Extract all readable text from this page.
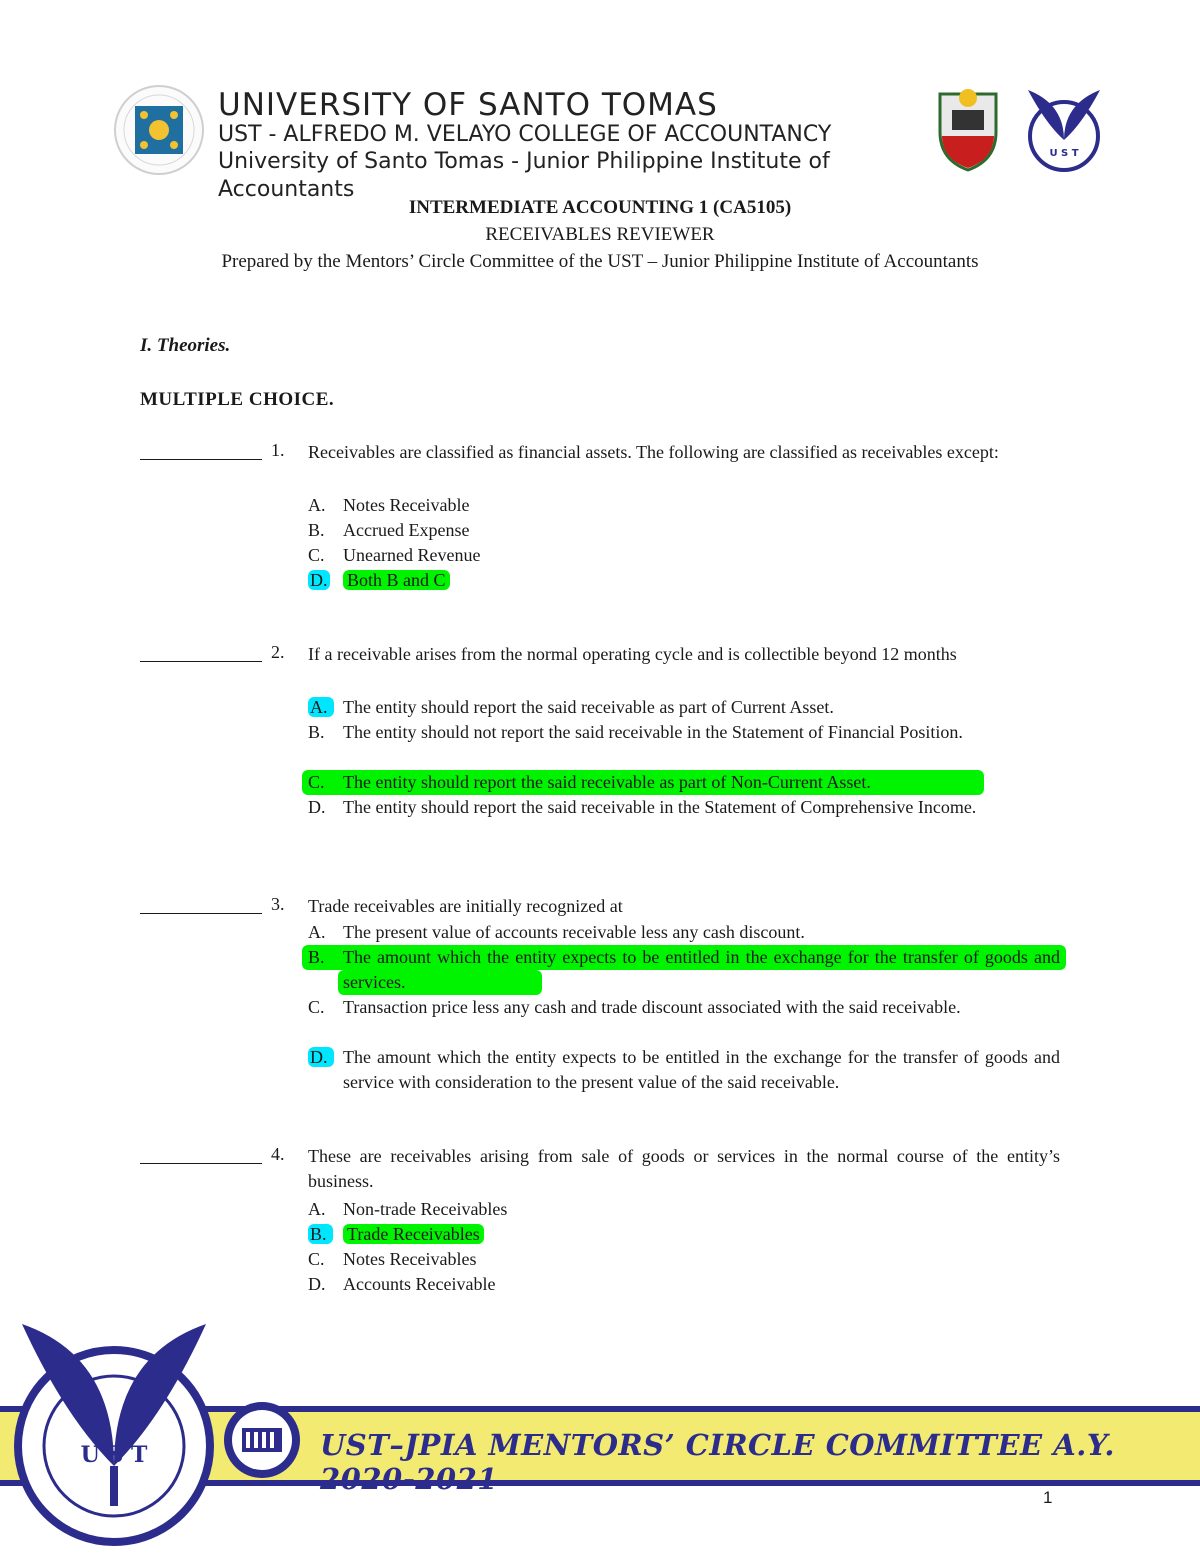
UNIVERSITY OF SANTO TOMAS
UST - ALFREDO M. VELAYO COLLEGE OF ACCOUNTANCY
University of Santo Tomas - Junior Philippine Institute of Accountants
U S T
INTERMEDIATE ACCOUNTING 1 (CA5105)
RECEIVABLES REVIEWER
Prepared by the Mentors’ Circle Committee of the UST – Junior Philippine Institute of Accountants
I. Theories.
MULTIPLE CHOICE.
1. Receivables are classified as financial assets. The following are classified as receivables except:
A. Notes Receivable
B.	Accrued Expense
C.	Unearned Revenue
D.	Both B and C
2. If a receivable arises from the normal operating cycle and is collectible beyond 12 months
A. The entity should report the said receivable as part of Current Asset.
B.	The entity should not report the said receivable in the Statement of Financial Position.
C.	The entity should report the said receivable as part of Non-Current Asset.
D. The entity should report the said receivable in the Statement of Comprehensive Income.
3. Trade receivables are initially recognized at
A. The present value of accounts receivable less any cash discount.
B.	The amount which the entity expects to be entitled in the exchange for the transfer of goods and services.
C.	Transaction price less any cash and trade discount associated with the said receivable.
D. The amount which the entity expects to be entitled in the exchange for the transfer of goods and service with consideration to the present value of the said receivable.
4. These are receivables arising from sale of goods or services in the normal course of the entity’s business.
A. Non-trade Receivables
B.	Trade Receivables
C.	Notes Receivables
D. Accounts Receivable
U S T	UST–JPIA MENTORS’ CIRCLE COMMITTEE A.Y. 2020-2021
1
